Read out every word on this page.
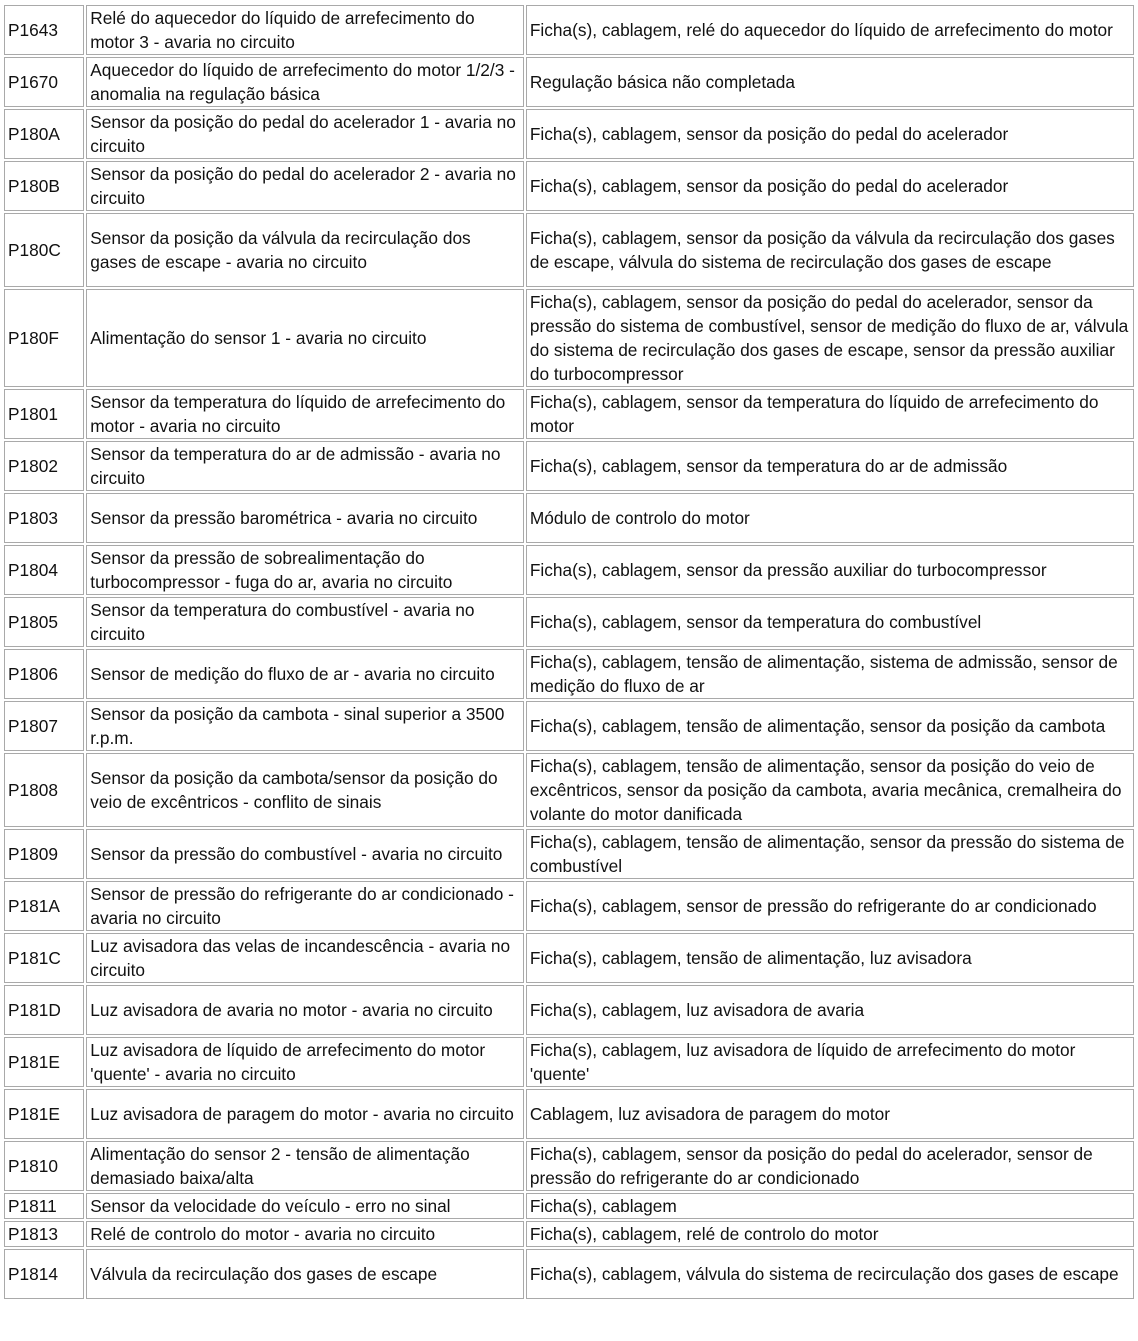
P1643	Relé do aquecedor do líquido de arrefecimento do motor 3 - avaria no circuito	Ficha(s), cablagem, relé do aquecedor do líquido de arrefecimento do motor
P1670	Aquecedor do líquido de arrefecimento do motor 1/2/3 - anomalia na regulação básica	Regulação básica não completada
P180A	Sensor da posição do pedal do acelerador 1 - avaria no circuito	Ficha(s), cablagem, sensor da posição do pedal do acelerador
P180B	Sensor da posição do pedal do acelerador 2 - avaria no circuito	Ficha(s), cablagem, sensor da posição do pedal do acelerador
P180C	Sensor da posição da válvula da recirculação dos gases de escape - avaria no circuito	Ficha(s), cablagem, sensor da posição da válvula da recirculação dos gases de escape, válvula do sistema de recirculação dos gases de escape
P180F	Alimentação do sensor 1 - avaria no circuito	Ficha(s), cablagem, sensor da posição do pedal do acelerador, sensor da pressão do sistema de combustível, sensor de medição do fluxo de ar, válvula do sistema de recirculação dos gases de escape, sensor da pressão auxiliar do turbocompressor
P1801	Sensor da temperatura do líquido de arrefecimento do motor - avaria no circuito	Ficha(s), cablagem, sensor da temperatura do líquido de arrefecimento do motor
P1802	Sensor da temperatura do ar de admissão - avaria no circuito	Ficha(s), cablagem, sensor da temperatura do ar de admissão
P1803	Sensor da pressão barométrica - avaria no circuito	Módulo de controlo do motor
P1804	Sensor da pressão de sobrealimentação do turbocompressor - fuga do ar, avaria no circuito	Ficha(s), cablagem, sensor da pressão auxiliar do turbocompressor
P1805	Sensor da temperatura do combustível - avaria no circuito	Ficha(s), cablagem, sensor da temperatura do combustível
P1806	Sensor de medição do fluxo de ar - avaria no circuito	Ficha(s), cablagem, tensão de alimentação, sistema de admissão, sensor de medição do fluxo de ar
P1807	Sensor da posição da cambota - sinal superior a 3500 r.p.m.	Ficha(s), cablagem, tensão de alimentação, sensor da posição da cambota
P1808	Sensor da posição da cambota/sensor da posição do veio de excêntricos - conflito de sinais	Ficha(s), cablagem, tensão de alimentação, sensor da posição do veio de excêntricos, sensor da posição da cambota, avaria mecânica, cremalheira do volante do motor danificada
P1809	Sensor da pressão do combustível - avaria no circuito	Ficha(s), cablagem, tensão de alimentação, sensor da pressão do sistema de combustível
P181A	Sensor de pressão do refrigerante do ar condicionado - avaria no circuito	Ficha(s), cablagem, sensor de pressão do refrigerante do ar condicionado
P181C	Luz avisadora das velas de incandescência - avaria no circuito	Ficha(s), cablagem, tensão de alimentação, luz avisadora
P181D	Luz avisadora de avaria no motor - avaria no circuito	Ficha(s), cablagem, luz avisadora de avaria
P181E	Luz avisadora de líquido de arrefecimento do motor 'quente' - avaria no circuito	Ficha(s), cablagem, luz avisadora de líquido de arrefecimento do motor 'quente'
P181E	Luz avisadora de paragem do motor - avaria no circuito	Cablagem, luz avisadora de paragem do motor
P1810	Alimentação do sensor 2 - tensão de alimentação demasiado baixa/alta	Ficha(s), cablagem, sensor da posição do pedal do acelerador, sensor de pressão do refrigerante do ar condicionado
P1811	Sensor da velocidade do veículo - erro no sinal	Ficha(s), cablagem
P1813	Relé de controlo do motor - avaria no circuito	Ficha(s), cablagem, relé de controlo do motor
P1814	Válvula da recirculação dos gases de escape	Ficha(s), cablagem, válvula do sistema de recirculação dos gases de escape
